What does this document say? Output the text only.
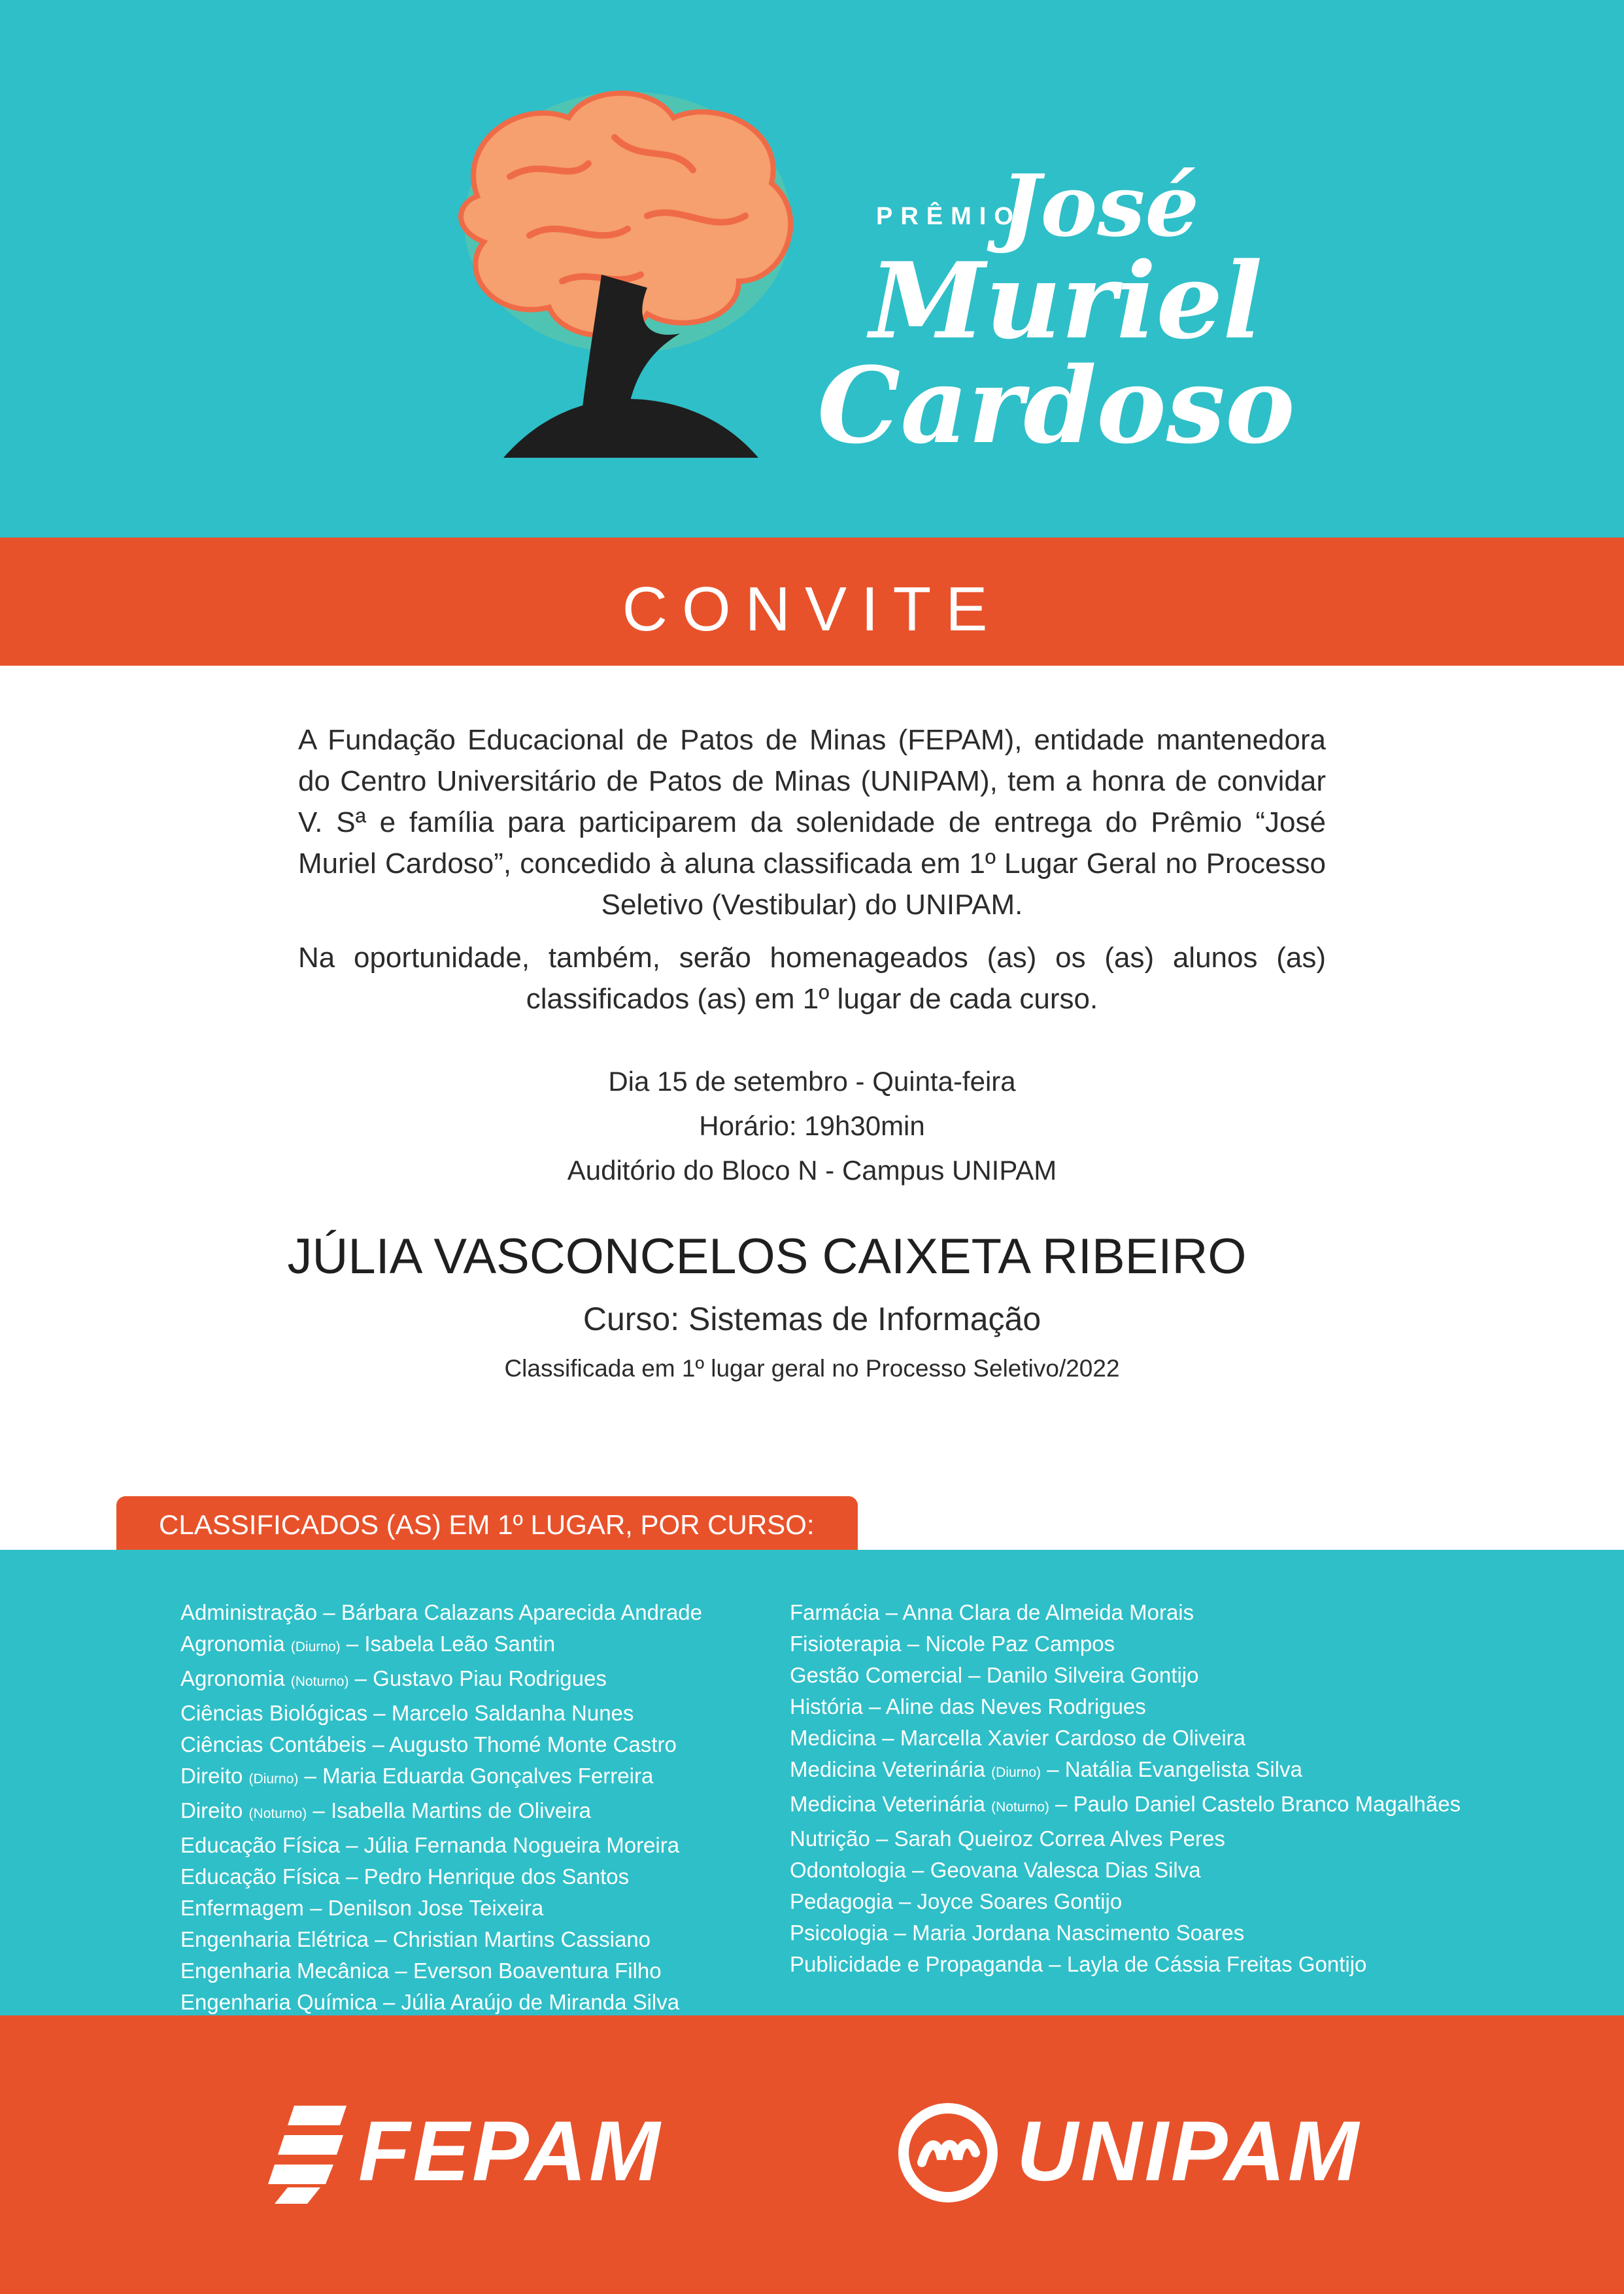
PRÊMIO
José
Muriel
Cardoso
CONVITE

A Fundação Educacional de Patos de Minas (FEPAM), entidade mantenedora do Centro Universitário de Patos de Minas (UNIPAM), tem a honra de convidar V. Sª e família para participarem da solenidade de entrega do Prêmio “José Muriel Cardoso”, concedido à aluna classificada em 1º Lugar Geral no Processo Seletivo (Vestibular) do UNIPAM.

Na oportunidade, também, serão homenageados (as) os (as) alunos (as) classificados (as) em 1º lugar de cada curso.

Dia 15 de setembro - Quinta-feira
Horário: 19h30min
Auditório do Bloco N - Campus UNIPAM
JÚLIA VASCONCELOS CAIXETA RIBEIRO
Curso: Sistemas de Informação
Classificada em 1º lugar geral no Processo Seletivo/2022
CLASSIFICADOS (AS) EM 1º LUGAR, POR CURSO:
Administração – Bárbara Calazans Aparecida Andrade
Agronomia (Diurno) – Isabela Leão Santin
Agronomia (Noturno) – Gustavo Piau Rodrigues
Ciências Biológicas – Marcelo Saldanha Nunes
Ciências Contábeis – Augusto Thomé Monte Castro
Direito (Diurno) – Maria Eduarda Gonçalves Ferreira
Direito (Noturno) – Isabella Martins de Oliveira
Educação Física – Júlia Fernanda Nogueira Moreira
Educação Física – Pedro Henrique dos Santos
Enfermagem – Denilson Jose Teixeira
Engenharia Elétrica – Christian Martins Cassiano
Engenharia Mecânica – Everson Boaventura Filho
Engenharia Química – Júlia Araújo de Miranda Silva
Farmácia – Anna Clara de Almeida Morais
Fisioterapia – Nicole Paz Campos
Gestão Comercial – Danilo Silveira Gontijo
História – Aline das Neves Rodrigues
Medicina – Marcella Xavier Cardoso de Oliveira
Medicina Veterinária (Diurno) – Natália Evangelista Silva
Medicina Veterinária (Noturno) – Paulo Daniel Castelo Branco Magalhães
Nutrição – Sarah Queiroz Correa Alves Peres
Odontologia – Geovana Valesca Dias Silva
Pedagogia – Joyce Soares Gontijo
Psicologia – Maria Jordana Nascimento Soares
Publicidade e Propaganda – Layla de Cássia Freitas Gontijo
FEPAM	UNIPAM
